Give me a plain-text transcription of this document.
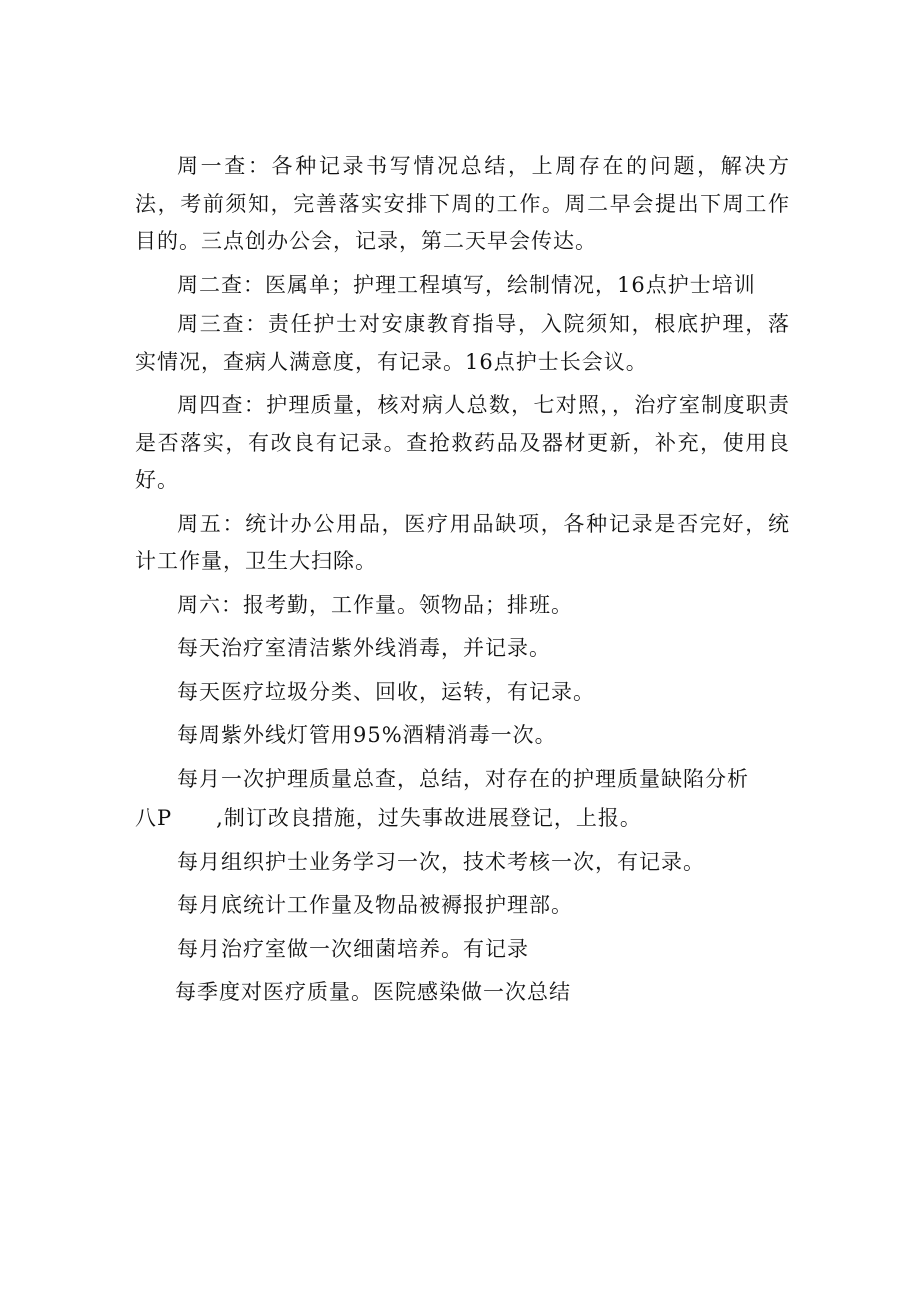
周一查：各种记录书写情况总结，上周存在的问题，解决方法，考前须知，完善落实安排下周的工作。周二早会提出下周工作目的。三点创办公会，记录，第二天早会传达。

周二查：医属单；护理工程填写，绘制情况，16点护士培训

周三查：责任护士对安康教育指导，入院须知，根底护理，落实情况，查病人满意度，有记录。16点护士长会议。

周四查：护理质量，核对病人总数，七对照，，治疗室制度职责是否落实，有改良有记录。查抢救药品及器材更新，补充，使用良好。

周五：统计办公用品，医疗用品缺项，各种记录是否完好，统计工作量，卫生大扫除。

周六：报考勤，工作量。领物品；排班。

每天治疗室清洁紫外线消毒，并记录。

每天医疗垃圾分类、回收，运转，有记录。

每周紫外线灯管用95%酒精消毒一次。

每月一次护理质量总查，总结，对存在的护理质量缺陷分析

八P ,制订改良措施，过失事故进展登记，上报。

每月组织护士业务学习一次，技术考核一次，有记录。

每月底统计工作量及物品被褥报护理部。

每月治疗室做一次细菌培养。有记录

每季度对医疗质量。医院感染做一次总结
